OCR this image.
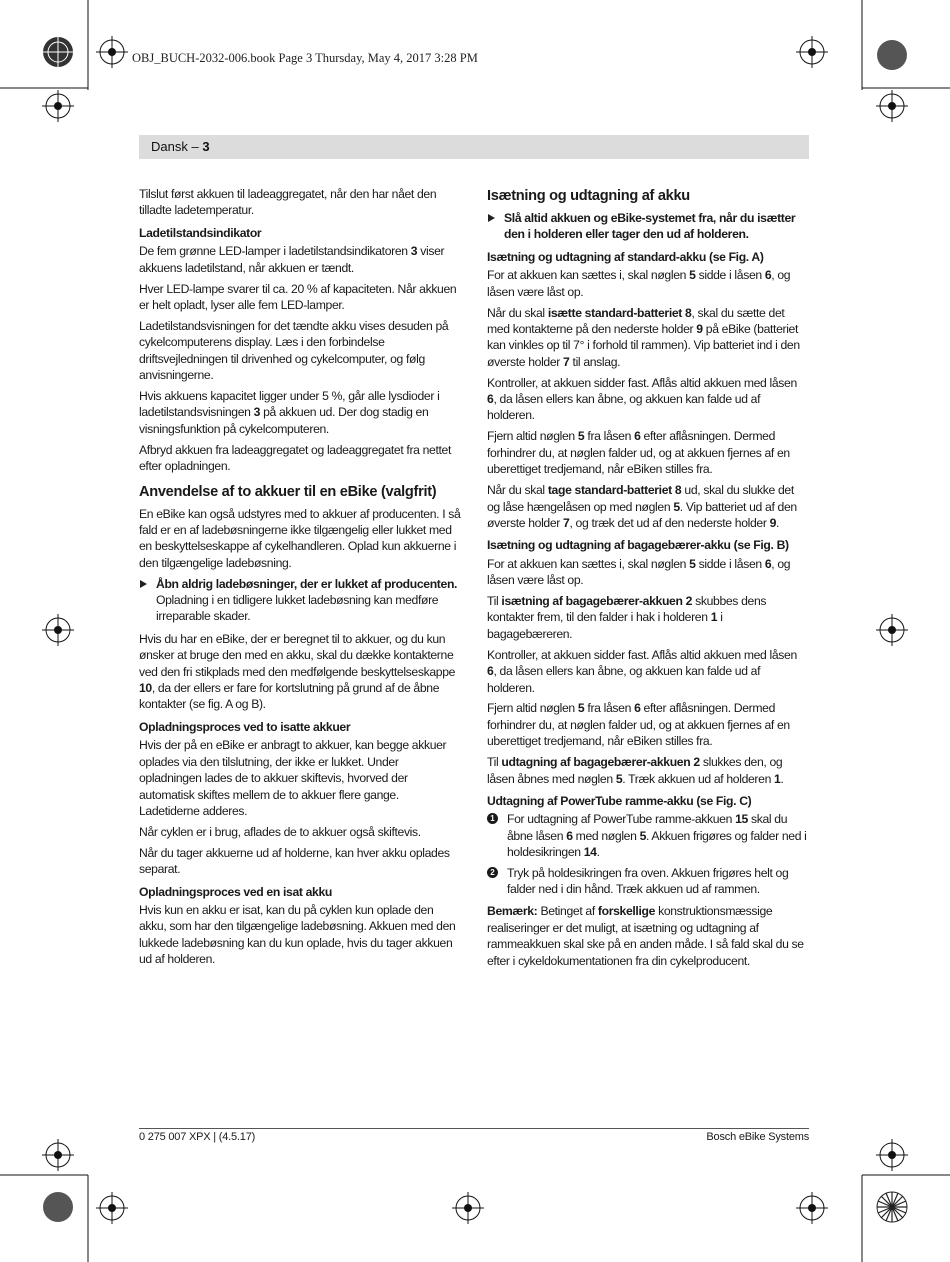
OBJ_BUCH-2032-006.book Page 3 Thursday, May 4, 2017 3:28 PM
Dansk – 3

Tilslut først akkuen til ladeaggregatet, når den har nået den tilladte ladetemperatur.

Ladetilstandsindikator

De fem grønne LED-lamper i ladetilstandsindikatoren 3 viser akkuens ladetilstand, når akkuen er tændt.

Hver LED-lampe svarer til ca. 20 % af kapaciteten. Når akkuen er helt opladt, lyser alle fem LED-lamper.

Ladetilstandsvisningen for det tændte akku vises desuden på cykelcomputerens display. Læs i den forbindelse driftsvejledningen til drivenhed og cykelcomputer, og følg anvisningerne.

Hvis akkuens kapacitet ligger under 5 %, går alle lysdioder i ladetilstandsvisningen 3 på akkuen ud. Der dog stadig en visningsfunktion på cykelcomputeren.

Afbryd akkuen fra ladeaggregatet og ladeaggregatet fra nettet efter opladningen.

Anvendelse af to akkuer til en eBike (valgfrit)

En eBike kan også udstyres med to akkuer af producenten. I så fald er en af ladebøsningerne ikke tilgængelig eller lukket med en beskyttelseskappe af cykelhandleren. Oplad kun akkuerne i den tilgængelige ladebøsning.

Åbn aldrig ladebøsninger, der er lukket af producenten. Opladning i en tidligere lukket ladebøsning kan medføre irreparable skader.

Hvis du har en eBike, der er beregnet til to akkuer, og du kun ønsker at bruge den med en akku, skal du dække kontakterne ved den fri stikplads med den medfølgende beskyttelseskappe 10, da der ellers er fare for kortslutning på grund af de åbne kontakter (se fig. A og B).

Opladningsproces ved to isatte akkuer

Hvis der på en eBike er anbragt to akkuer, kan begge akkuer oplades via den tilslutning, der ikke er lukket. Under opladningen lades de to akkuer skiftevis, hvorved der automatisk skiftes mellem de to akkuer flere gange. Ladetiderne adderes.

Når cyklen er i brug, aflades de to akkuer også skiftevis.

Når du tager akkuerne ud af holderne, kan hver akku oplades separat.

Opladningsproces ved en isat akku

Hvis kun en akku er isat, kan du på cyklen kun oplade den akku, som har den tilgængelige ladebøsning. Akkuen med den lukkede ladebøsning kan du kun oplade, hvis du tager akkuen ud af holderen.

Isætning og udtagning af akku
Slå altid akkuen og eBike-systemet fra, når du isætter den i holderen eller tager den ud af holderen.
Isætning og udtagning af standard-akku (se Fig. A)

For at akkuen kan sættes i, skal nøglen 5 sidde i låsen 6, og låsen være låst op.

Når du skal isætte standard-batteriet 8, skal du sætte det med kontakterne på den nederste holder 9 på eBike (batteriet kan vinkles op til 7° i forhold til rammen). Vip batteriet ind i den øverste holder 7 til anslag.

Kontroller, at akkuen sidder fast. Aflås altid akkuen med låsen 6, da låsen ellers kan åbne, og akkuen kan falde ud af holderen.

Fjern altid nøglen 5 fra låsen 6 efter aflåsningen. Dermed forhindrer du, at nøglen falder ud, og at akkuen fjernes af en uberettiget tredjemand, når eBiken stilles fra.

Når du skal tage standard-batteriet 8 ud, skal du slukke det og låse hængelåsen op med nøglen 5. Vip batteriet ud af den øverste holder 7, og træk det ud af den nederste holder 9.

Isætning og udtagning af bagagebærer-akku (se Fig. B)

For at akkuen kan sættes i, skal nøglen 5 sidde i låsen 6, og låsen være låst op.

Til isætning af bagagebærer-akkuen 2 skubbes dens kontakter frem, til den falder i hak i holderen 1 i bagagebæreren.

Kontroller, at akkuen sidder fast. Aflås altid akkuen med låsen 6, da låsen ellers kan åbne, og akkuen kan falde ud af holderen.

Fjern altid nøglen 5 fra låsen 6 efter aflåsningen. Dermed forhindrer du, at nøglen falder ud, og at akkuen fjernes af en uberettiget tredjemand, når eBiken stilles fra.

Til udtagning af bagagebærer-akkuen 2 slukkes den, og låsen åbnes med nøglen 5. Træk akkuen ud af holderen 1.

Udtagning af PowerTube ramme-akku (se Fig. C)
1 For udtagning af PowerTube ramme-akkuen 15 skal du åbne låsen 6 med nøglen 5. Akkuen frigøres og falder ned i holdesikringen 14.
2 Tryk på holdesikringen fra oven. Akkuen frigøres helt og falder ned i din hånd. Træk akkuen ud af rammen.

Bemærk: Betinget af forskellige konstruktionsmæssige realiseringer er det muligt, at isætning og udtagning af rammeakkuen skal ske på en anden måde. I så fald skal du se efter i cykeldokumentationen fra din cykelproducent.

0 275 007 XPX | (4.5.17)	Bosch eBike Systems
